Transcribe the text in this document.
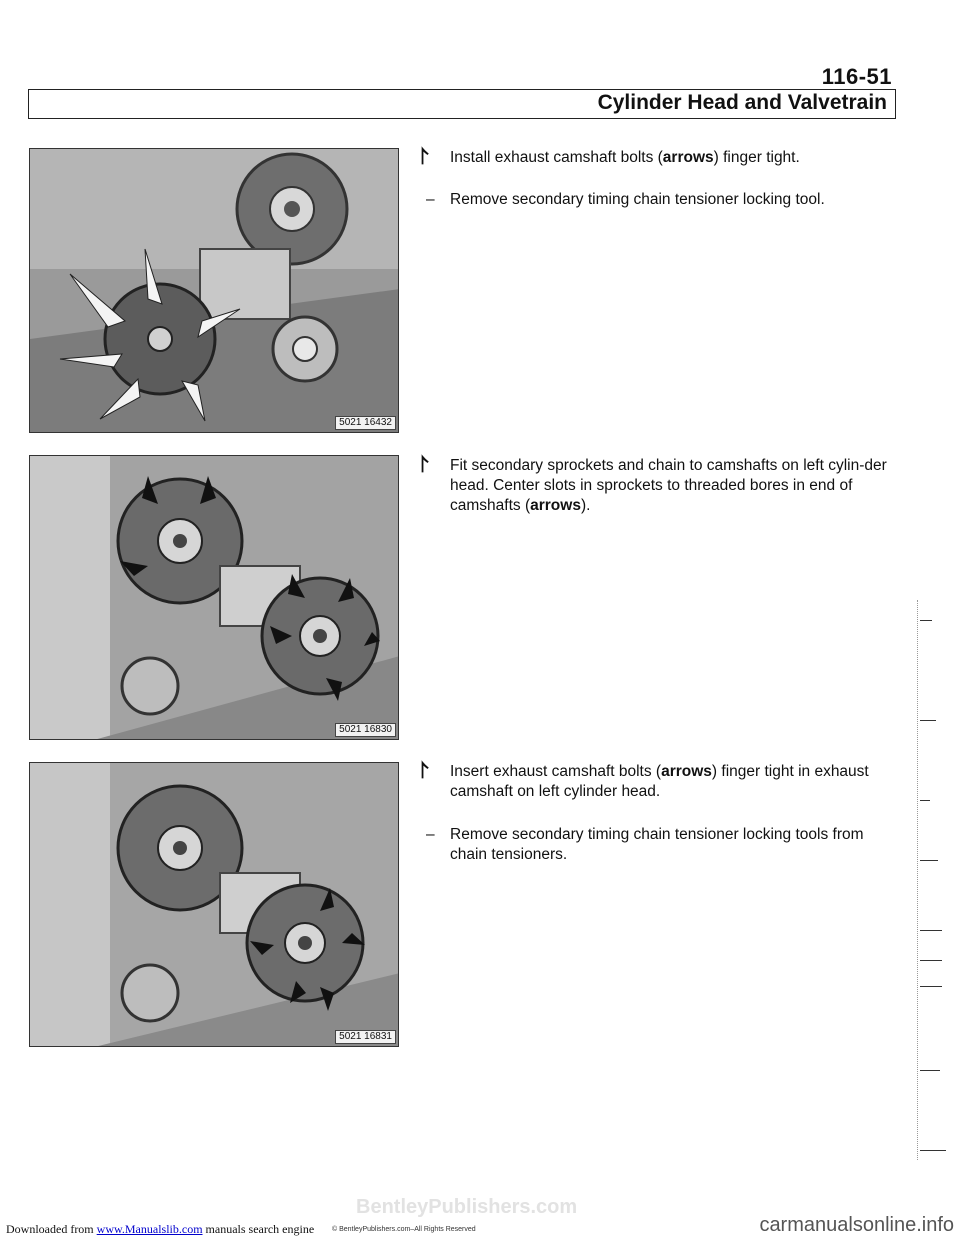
116-51
Cylinder Head and Valvetrain
5021 16432
5021 16830
5021 16831
⨡	Install exhaust camshaft bolts (arrows) finger tight.
– Remove secondary timing chain tensioner locking tool.
⨡	Fit secondary sprockets and chain to camshafts on left cylin-der head. Center slots in sprockets to threaded bores in end of camshafts (arrows).
⨡	Insert exhaust camshaft bolts (arrows) finger tight in exhaust camshaft on left cylinder head.
– Remove secondary timing chain tensioner locking tools from chain tensioners.
Downloaded from www.Manualslib.com manuals search engine
BentleyPublishers.com
© BentleyPublishers.com–All Rights Reserved	carmanualsonline.info
